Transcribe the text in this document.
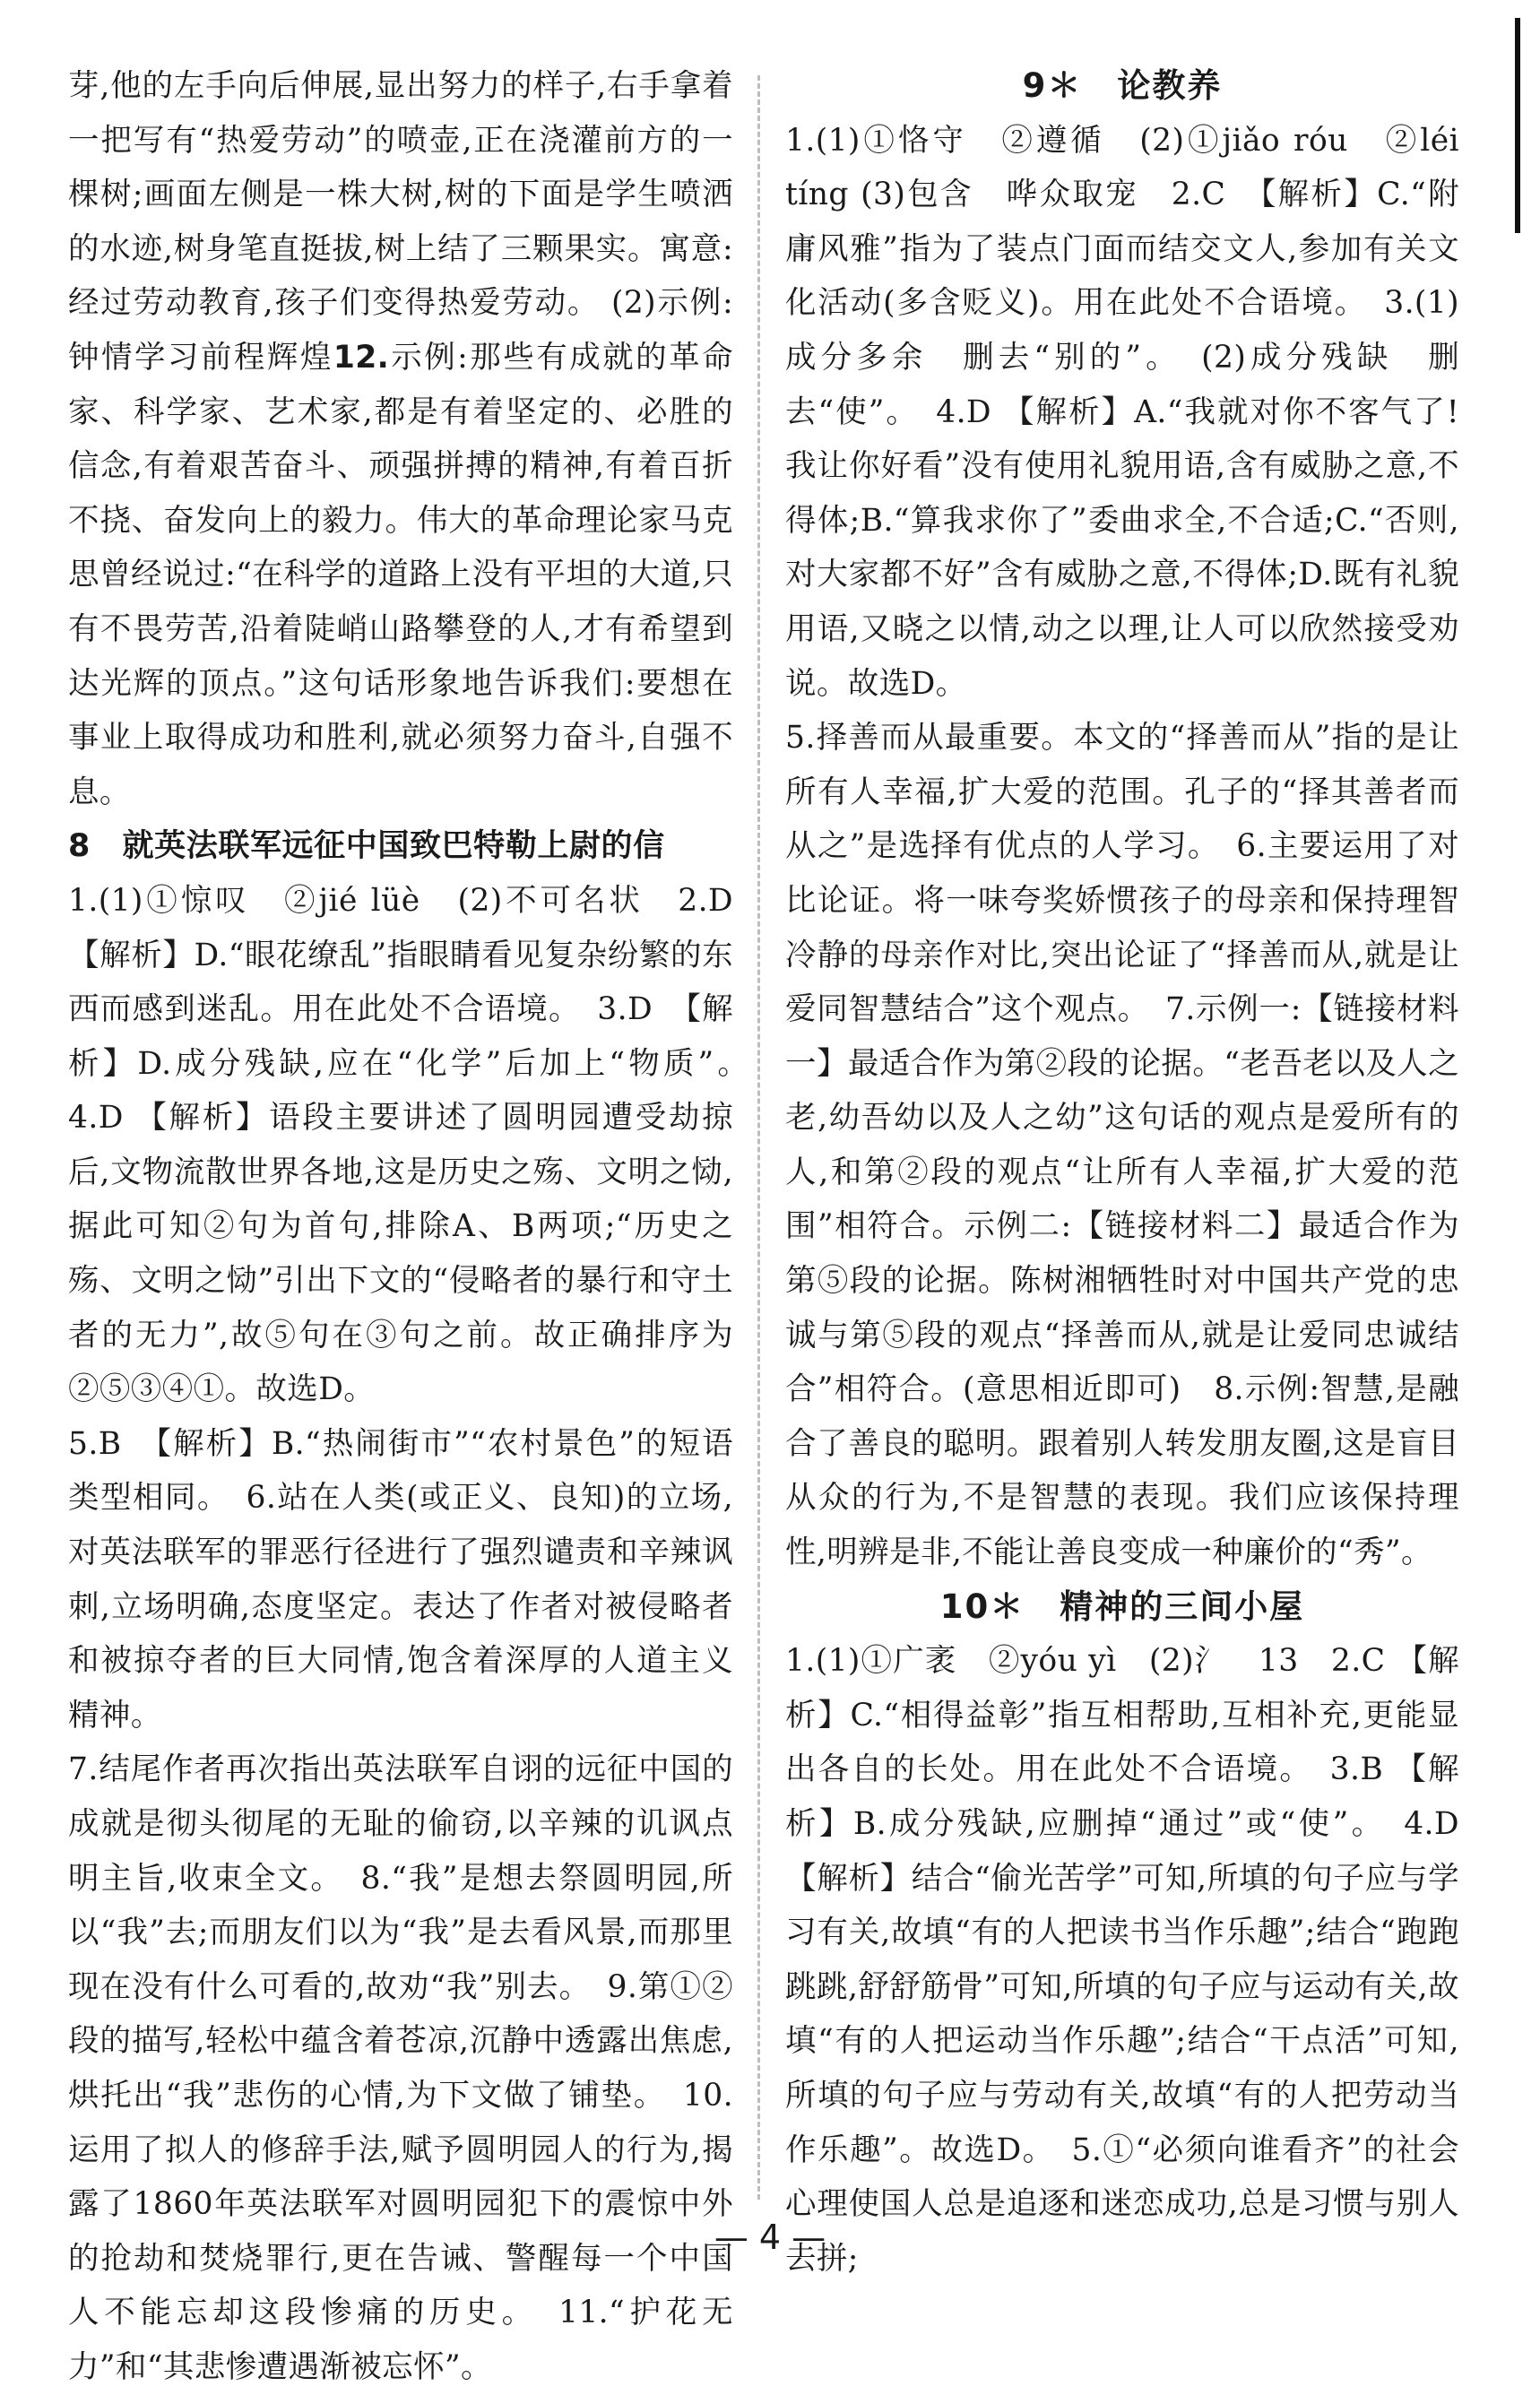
芽,他的左手向后伸展,显出努力的样子,右手拿着一把写有“热爱劳动”的喷壶,正在浇灌前方的一棵树;画面左侧是一株大树,树的下面是学生喷洒的水迹,树身笔直挺拔,树上结了三颗果实。寓意:经过劳动教育,孩子们变得热爱劳动。 (2)示例:钟情学习前程辉煌12.示例:那些有成就的革命家、科学家、艺术家,都是有着坚定的、必胜的信念,有着艰苦奋斗、顽强拼搏的精神,有着百折不挠、奋发向上的毅力。伟大的革命理论家马克思曾经说过:“在科学的道路上没有平坦的大道,只有不畏劳苦,沿着陡峭山路攀登的人,才有希望到达光辉的顶点。”这句话形象地告诉我们:要想在事业上取得成功和胜利,就必须努力奋斗,自强不息。

8　就英法联军远征中国致巴特勒上尉的信

1.(1)①惊叹　②jié lüè　(2)不可名状　2.D 【解析】D.“眼花缭乱”指眼睛看见复杂纷繁的东西而感到迷乱。用在此处不合语境。　3.D　【解析】D.成分残缺,应在“化学”后加上“物质”。　4.D 【解析】语段主要讲述了圆明园遭受劫掠后,文物流散世界各地,这是历史之殇、文明之恸,据此可知②句为首句,排除A、B两项;“历史之殇、文明之恸”引出下文的“侵略者的暴行和守土者的无力”,故⑤句在③句之前。故正确排序为②⑤③④①。故选D。

5.B　【解析】B.“热闹街市”“农村景色”的短语类型相同。　6.站在人类(或正义、良知)的立场,对英法联军的罪恶行径进行了强烈谴责和辛辣讽刺,立场明确,态度坚定。表达了作者对被侵略者和被掠夺者的巨大同情,饱含着深厚的人道主义精神。

7.结尾作者再次指出英法联军自诩的远征中国的成就是彻头彻尾的无耻的偷窃,以辛辣的讥讽点明主旨,收束全文。　8.“我”是想去祭圆明园,所以“我”去;而朋友们以为“我”是去看风景,而那里现在没有什么可看的,故劝“我”别去。　9.第①②段的描写,轻松中蕴含着苍凉,沉静中透露出焦虑,烘托出“我”悲伤的心情,为下文做了铺垫。　10.运用了拟人的修辞手法,赋予圆明园人的行为,揭露了1860年英法联军对圆明园犯下的震惊中外的抢劫和焚烧罪行,更在告诫、警醒每一个中国人不能忘却这段惨痛的历史。　11.“护花无力”和“其悲惨遭遇渐被忘怀”。

9＊　论教养

1.(1)①恪守　②遵循　(2)①jiǎo róu　②léi tíng (3)包含　哗众取宠　2.C　【解析】C.“附庸风雅”指为了装点门面而结交文人,参加有关文化活动(多含贬义)。用在此处不合语境。　3.(1)成分多余　删去“别的”。　(2)成分残缺　删去“使”。　4.D 【解析】A.“我就对你不客气了!我让你好看”没有使用礼貌用语,含有威胁之意,不得体;B.“算我求你了”委曲求全,不合适;C.“否则,对大家都不好”含有威胁之意,不得体;D.既有礼貌用语,又晓之以情,动之以理,让人可以欣然接受劝说。故选D。

5.择善而从最重要。本文的“择善而从”指的是让所有人幸福,扩大爱的范围。孔子的“择其善者而从之”是选择有优点的人学习。　6.主要运用了对比论证。将一味夸奖娇惯孩子的母亲和保持理智冷静的母亲作对比,突出论证了“择善而从,就是让爱同智慧结合”这个观点。　7.示例一:【链接材料一】最适合作为第②段的论据。“老吾老以及人之老,幼吾幼以及人之幼”这句话的观点是爱所有的人,和第②段的观点“让所有人幸福,扩大爱的范围”相符合。示例二:【链接材料二】最适合作为第⑤段的论据。陈树湘牺牲时对中国共产党的忠诚与第⑤段的观点“择善而从,就是让爱同忠诚结合”相符合。(意思相近即可)　8.示例:智慧,是融合了善良的聪明。跟着别人转发朋友圈,这是盲目从众的行为,不是智慧的表现。我们应该保持理性,明辨是非,不能让善良变成一种廉价的“秀”。

10＊　精神的三间小屋

1.(1)①广袤　②yóu yì　(2)氵　13　2.C 【解析】C.“相得益彰”指互相帮助,互相补充,更能显出各自的长处。用在此处不合语境。　3.B 【解析】B.成分残缺,应删掉“通过”或“使”。　4.D 【解析】结合“偷光苦学”可知,所填的句子应与学习有关,故填“有的人把读书当作乐趣”;结合“跑跑跳跳,舒舒筋骨”可知,所填的句子应与运动有关,故填“有的人把运动当作乐趣”;结合“干点活”可知,所填的句子应与劳动有关,故填“有的人把劳动当作乐趣”。故选D。　5.①“必须向谁看齐”的社会心理使国人总是追逐和迷恋成功,总是习惯与别人去拼;

— 4 —
